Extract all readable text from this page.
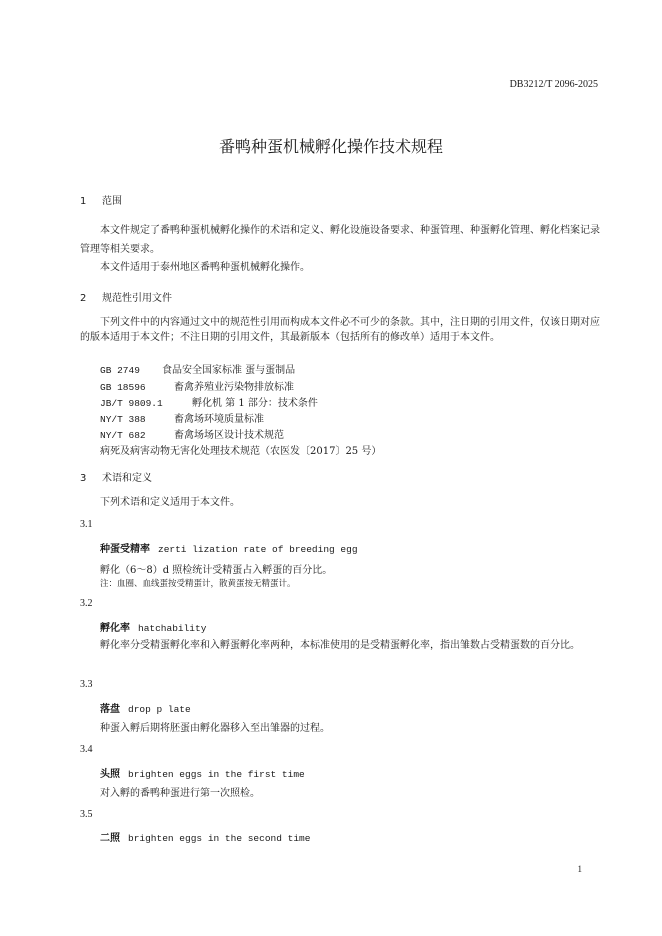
DB3212/T 2096-2025
番鸭种蛋机械孵化操作技术规程
1 范围
本文件规定了番鸭种蛋机械孵化操作的术语和定义、孵化设施设备要求、种蛋管理、种蛋孵化管理、孵化档案记录管理等相关要求。
本文件适用于泰州地区番鸭种蛋机械孵化操作。
2 规范性引用文件
下列文件中的内容通过文中的规范性引用而构成本文件必不可少的条款。其中，注日期的引用文件，仅该日期对应的版本适用于本文件；不注日期的引用文件，其最新版本（包括所有的修改单）适用于本文件。
GB 2749 食品安全国家标准 蛋与蛋制品
GB 18596	畜禽养殖业污染物排放标准
JB/T 9809.1	孵化机 第 1 部分：技术条件
NY/T 388	畜禽场环境质量标准
NY/T 682	畜禽场场区设计技术规范
病死及病害动物无害化处理技术规范（农医发〔2017〕25 号）
3 术语和定义
下列术语和定义适用于本文件。
3.1
种蛋受精率 zerti lization rate of breeding egg
孵化（6～8）d 照检统计受精蛋占入孵蛋的百分比。
注：血圈、血线蛋按受精蛋计，散黄蛋按无精蛋计。
3.2
孵化率 hatchability
孵化率分受精蛋孵化率和入孵蛋孵化率两种，本标准使用的是受精蛋孵化率，指出雏数占受精蛋数的百分比。
3.3
落盘 drop p late
种蛋入孵后期将胚蛋由孵化器移入至出雏器的过程。
3.4
头照 brighten eggs in the first time
对入孵的番鸭种蛋进行第一次照检。
3.5
二照 brighten eggs in the second time
1
